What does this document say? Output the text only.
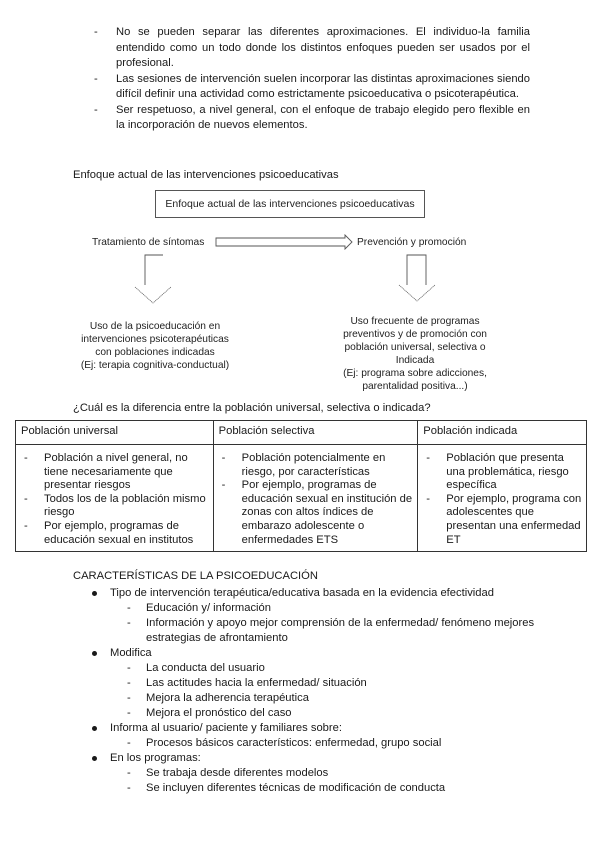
- No se pueden separar las diferentes aproximaciones. El individuo-la familia entendido como un todo donde los distintos enfoques pueden ser usados por el profesional.
- Las sesiones de intervención suelen incorporar las distintas aproximaciones siendo difícil definir una actividad como estrictamente psicoeducativa o psicoterapéutica.
- Ser respetuoso, a nivel general, con el enfoque de trabajo elegido pero flexible en la incorporación de nuevos elementos.
Enfoque actual de las intervenciones psicoeducativas
Enfoque actual de las intervenciones psicoeducativas
Tratamiento de síntomas	Prevención y promoción
Uso de la psicoeducación en
intervenciones psicoterapéuticas
con poblaciones indicadas
(Ej: terapia cognitiva-conductual)
Uso frecuente de programas
preventivos y de promoción con
población universal, selectiva o
Indicada
(Ej: programa sobre adicciones,
parentalidad positiva...)
¿Cuál es la diferencia entre la población universal, selectiva o indicada?
Población universal	Población selectiva	Población indicada

- Población a nivel general, no tiene necesariamente que presentar riesgos
- Todos los de la población mismo riesgo
- Por ejemplo, programas de educación sexual en institutos

- Población potencialmente en riesgo, por características
- Por ejemplo, programas de educación sexual en institución de zonas con altos índices de embarazo adolescente o enfermedades ETS

- Población que presenta una problemática, riesgo específica
- Por ejemplo, programa con adolescentes que presentan una enfermedad ET
CARACTERÍSTICAS DE LA PSICOEDUCACIÓN
Tipo de intervención terapéutica/educativa basada en la evidencia efectividad
- Educación y/ información
- Información y apoyo mejor comprensión de la enfermedad/ fenómeno mejores estrategias de afrontamiento
Modifica
- La conducta del usuario
- Las actitudes hacia la enfermedad/ situación
- Mejora la adherencia terapéutica
- Mejora el pronóstico del caso
Informa al usuario/ paciente y familiares sobre:
- Procesos básicos característicos: enfermedad, grupo social
En los programas:
- Se trabaja desde diferentes modelos
- Se incluyen diferentes técnicas de modificación de conducta
